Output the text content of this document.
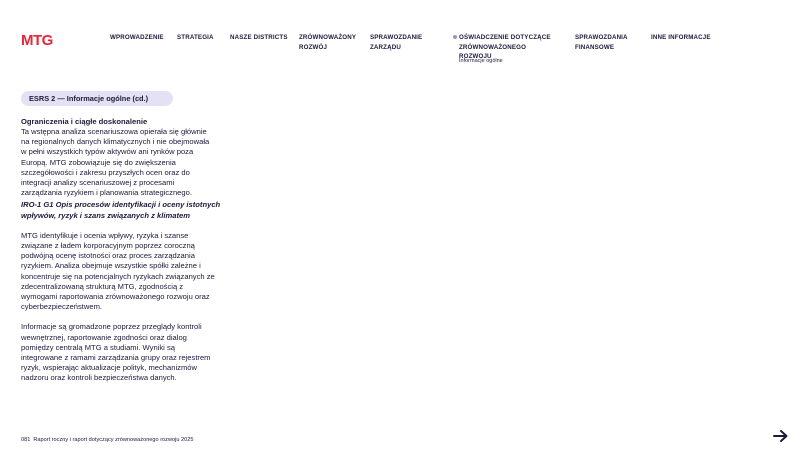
MTG	WPROWADZENIE STRATEGIA	NASZE DISTRICTS ZRÓWNOWAŻONY
ROZWÓJ
SPRAWOZDANIE
ZARZĄDU
OŚWIADCZENIE DOTYCZĄCE
ZRÓWNOWAŻONEGO
ROZWOJU
Informacje ogólne
SPRAWOZDANIA
FINANSOWE
INNE INFORMACJE
ESRS 2 — Informacje ogólne (cd.)

Ograniczenia i ciągłe doskonalenie

Ta wstępna analiza scenariuszowa opierała się głównie
na regionalnych danych klimatycznych i nie obejmowała
w pełni wszystkich typów aktywów ani rynków poza
Europą. MTG zobowiązuje się do zwiększenia
szczegółowości i zakresu przyszłych ocen oraz do
integracji analizy scenariuszowej z procesami
zarządzania ryzykiem i planowania strategicznego.

IRO-1 G1 Opis procesów identyfikacji i oceny istotnych
wpływów, ryzyk i szans związanych z klimatem

MTG identyfikuje i ocenia wpływy, ryzyka i szanse
związane z ładem korporacyjnym poprzez coroczną
podwójną ocenę istotności oraz proces zarządzania
ryzykiem. Analiza obejmuje wszystkie spółki zależne i
koncentruje się na potencjalnych ryzykach związanych ze
zdecentralizowaną strukturą MTG, zgodnością z
wymogami raportowania zrównoważonego rozwoju oraz
cyberbezpieczeństwem.

Informacje są gromadzone poprzez przeglądy kontroli
wewnętrznej, raportowanie zgodności oraz dialog
pomiędzy centralą MTG a studiami. Wyniki są
integrowane z ramami zarządzania grupy oraz rejestrem
ryzyk, wspierając aktualizacje polityk, mechanizmów
nadzoru oraz kontroli bezpieczeństwa danych.

081 Raport roczny i raport dotyczący zrównoważonego rozwoju 2025
